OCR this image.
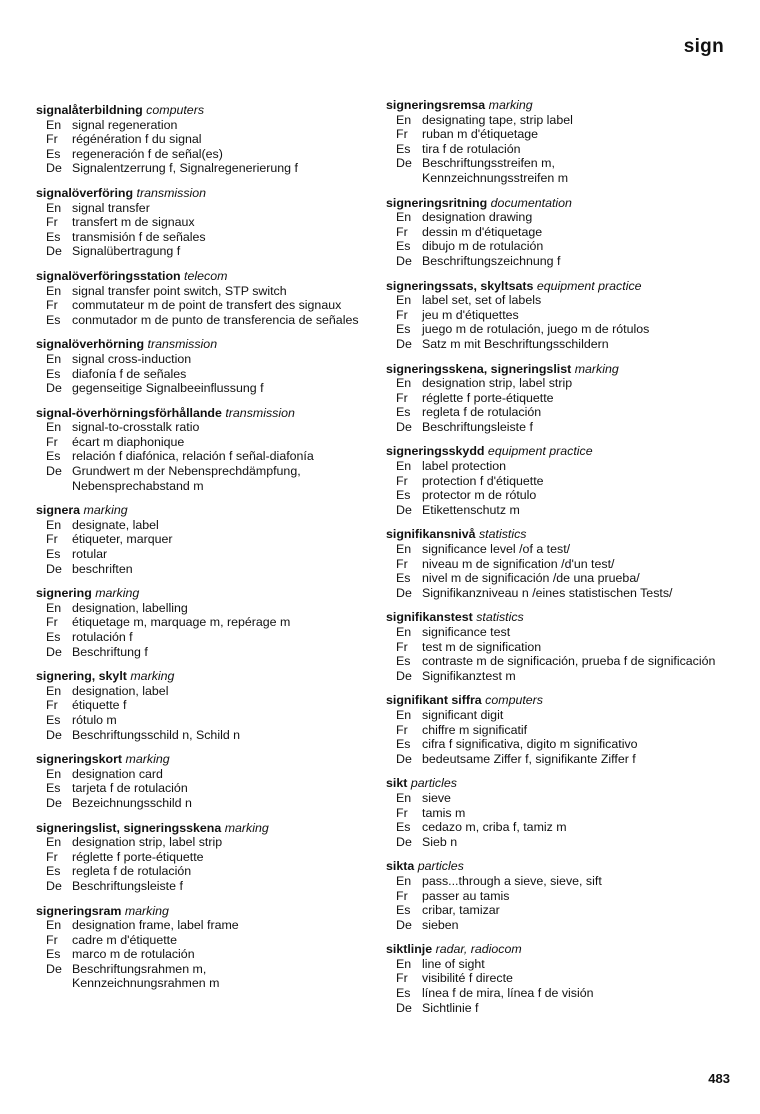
sign
signalåterbildning computers
En signal regeneration
Fr	régénération f du signal
Es regeneración f de señal(es)
De Signalentzerrung f, Signalregenerierung f
signalöverföring transmission
En signal transfer
Fr	transfert m de signaux
Es transmisión f de señales
De Signalübertragung f
signalöverföringsstation telecom
En signal transfer point switch, STP switch
Fr	commutateur m de point de transfert des signaux
Es conmutador m de punto de transferencia de señales
signalöverhörning transmission
En signal cross-induction
Es diafonía f de señales
De gegenseitige Signalbeeinflussung f
signal-överhörningsförhållande transmission
En signal-to-crosstalk ratio
Fr	écart m diaphonique
Es relación f diafónica, relación f señal-diafonía
De Grundwert m der Nebensprechdämpfung,
Nebensprechabstand m
signera marking
En designate, label
Fr	étiqueter, marquer
Es rotular
De beschriften
signering marking
En designation, labelling
Fr	étiquetage m, marquage m, repérage m
Es rotulación f
De Beschriftung f
signering, skylt marking
En designation, label
Fr	étiquette f
Es rótulo m
De Beschriftungsschild n, Schild n
signeringskort marking
En designation card
Es tarjeta f de rotulación
De Bezeichnungsschild n
signeringslist, signeringsskena marking
En designation strip, label strip
Fr	réglette f porte-étiquette
Es regleta f de rotulación
De Beschriftungsleiste f
signeringsram marking
En designation frame, label frame
Fr	cadre m d'étiquette
Es marco m de rotulación
De Beschriftungsrahmen m,
Kennzeichnungsrahmen m
signeringsremsa marking
En designating tape, strip label
Fr	ruban m d'étiquetage
Es tira f de rotulación
De Beschriftungsstreifen m,
Kennzeichnungsstreifen m
signeringsritning documentation
En designation drawing
Fr	dessin m d'étiquetage
Es dibujo m de rotulación
De Beschriftungszeichnung f
signeringssats, skyltsats equipment practice
En label set, set of labels
Fr	jeu m d'étiquettes
Es juego m de rotulación, juego m de rótulos
De Satz m mit Beschriftungsschildern
signeringsskena, signeringslist marking
En designation strip, label strip
Fr	réglette f porte-étiquette
Es regleta f de rotulación
De Beschriftungsleiste f
signeringsskydd equipment practice
En label protection
Fr	protection f d'étiquette
Es protector m de rótulo
De Etikettenschutz m
signifikansnivå statistics
En significance level /of a test/
Fr	niveau m de signification /d'un test/
Es nivel m de significación /de una prueba/
De Signifikanzniveau n /eines statistischen Tests/
signifikanstest statistics
En significance test
Fr	test m de signification
Es contraste m de significación, prueba f de significación
De Signifikanztest m
signifikant siffra computers
En significant digit
Fr	chiffre m significatif
Es cifra f significativa, digito m significativo
De bedeutsame Ziffer f, signifikante Ziffer f
sikt particles
En sieve
Fr	tamis m
Es cedazo m, criba f, tamiz m
De Sieb n
sikta particles
En pass...through a sieve, sieve, sift
Fr	passer au tamis
Es cribar, tamizar
De sieben
siktlinje radar, radiocom
En line of sight
Fr	visibilité f directe
Es línea f de mira, línea f de visión
De Sichtlinie f
483
